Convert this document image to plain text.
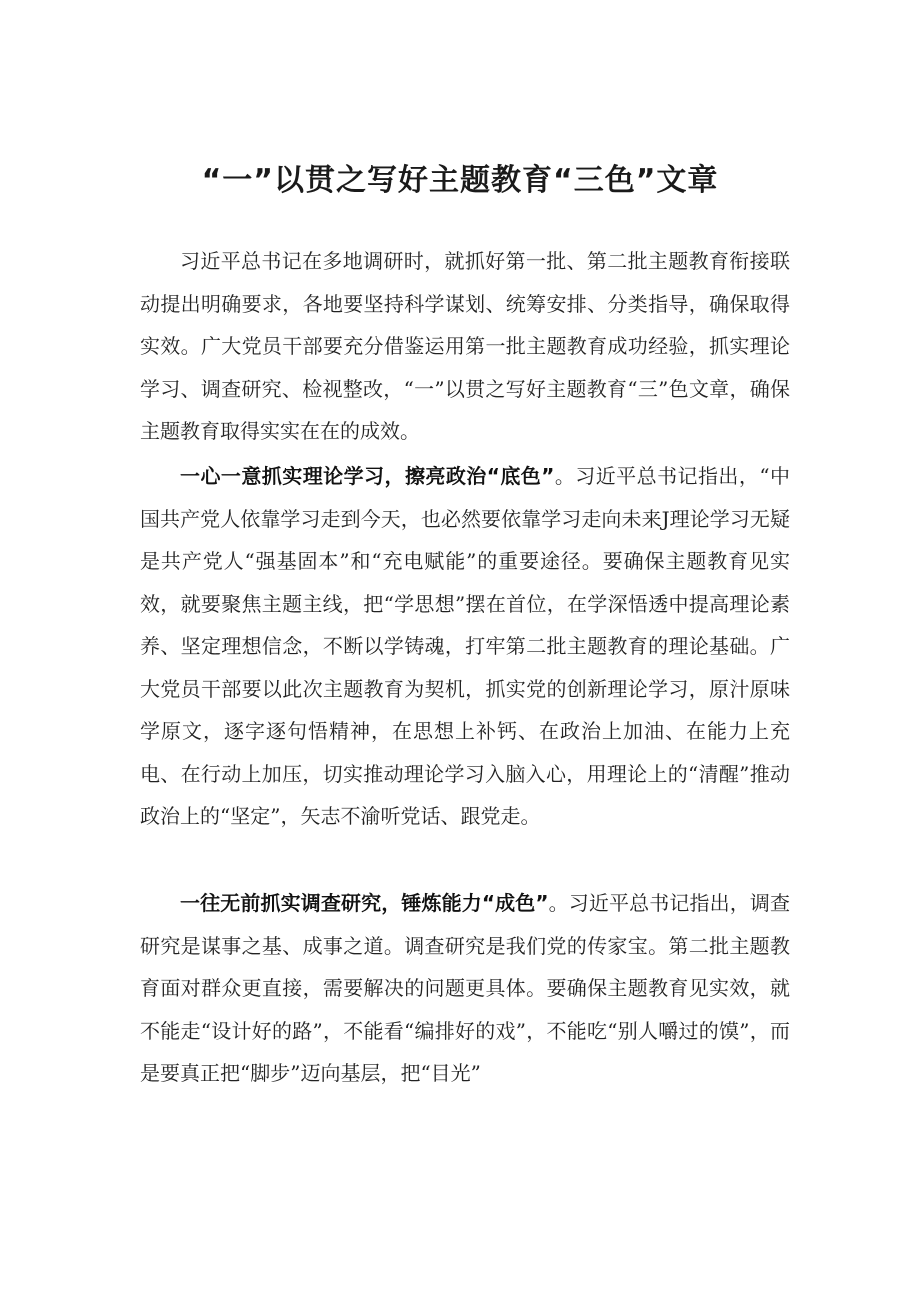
“一”以贯之写好主题教育“三色”文章

习近平总书记在多地调研时，就抓好第一批、第二批主题教育衔接联动提出明确要求，各地要坚持科学谋划、统筹安排、分类指导，确保取得实效。广大党员干部要充分借鉴运用第一批主题教育成功经验，抓实理论学习、调查研究、检视整改，“一”以贯之写好主题教育“三”色文章，确保主题教育取得实实在在的成效。

一心一意抓实理论学习，擦亮政治“底色”。习近平总书记指出，“中国共产党人依靠学习走到今天，也必然要依靠学习走向未来J理论学习无疑是共产党人“强基固本”和“充电赋能”的重要途径。要确保主题教育见实效，就要聚焦主题主线，把“学思想”摆在首位，在学深悟透中提高理论素养、坚定理想信念，不断以学铸魂，打牢第二批主题教育的理论基础。广大党员干部要以此次主题教育为契机，抓实党的创新理论学习，原汁原味学原文，逐字逐句悟精神，在思想上补钙、在政治上加油、在能力上充电、在行动上加压，切实推动理论学习入脑入心，用理论上的“清醒”推动政治上的“坚定”，矢志不渝听党话、跟党走。

一往无前抓实调查研究，锤炼能力“成色”。习近平总书记指出，调查研究是谋事之基、成事之道。调查研究是我们党的传家宝。第二批主题教育面对群众更直接，需要解决的问题更具体。要确保主题教育见实效，就不能走“设计好的路”，不能看“编排好的戏”，不能吃“别人嚼过的馍”，而是要真正把“脚步”迈向基层，把“目光”
